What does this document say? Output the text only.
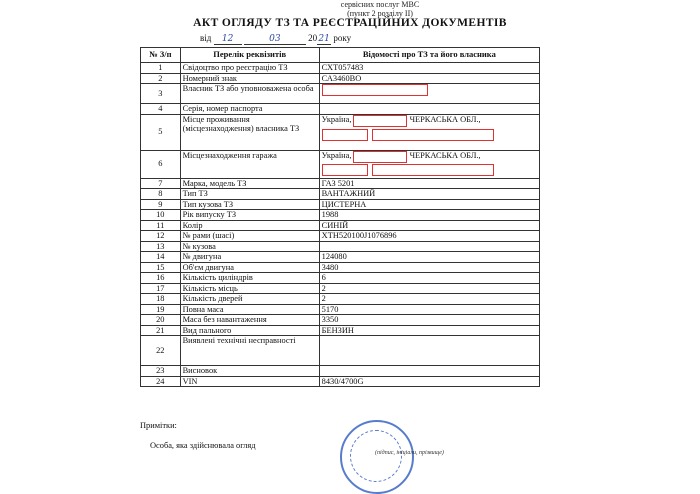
сервісних послуг МВС
(пункт 2 розділу ІІ)
АКТ ОГЛЯДУ ТЗ ТА РЕЄСТРАЦІЙНИХ ДОКУМЕНТІВ
від 12	03	2021 року
№ З/п	Перелік реквізитів	Відомості про ТЗ та його власника
1	Свідоцтво про реєстрацію ТЗ	СХТ057483
2	Номерний знак	СА3460ВО
3	Власник ТЗ або уповноважена особа	
4	Серія, номер паспорта	
5	Місце проживання (місцезнаходження) власника ТЗ	Україна, ЧЕРКАСЬКА ОБЛ.,

6	Місцезнаходження гаража	Україна, ЧЕРКАСЬКА ОБЛ.,

7	Марка, модель ТЗ	ГАЗ 5201
8	Тип ТЗ	ВАНТАЖНИЙ
9	Тип кузова ТЗ	ЦИСТЕРНА
10	Рік випуску ТЗ	1988
11	Колір	СИНІЙ
12	№ рами (шасі)	ХТН520100J1076896
13	№ кузова	
14	№ двигуна	124080
15	Об'єм двигуна	3480
16	Кількість циліндрів	6
17	Кількість місць	2
18	Кількість дверей	2
19	Повна маса	5170
20	Маса без навантаження	3350
21	Вид пального	БЕНЗИН
22	Виявлені технічні несправності	
23	Висновок	
24	VIN	8430/4700G
Примітки:
Особа, яка здійснювала огляд
(підпис, ініціали, прізвище)
